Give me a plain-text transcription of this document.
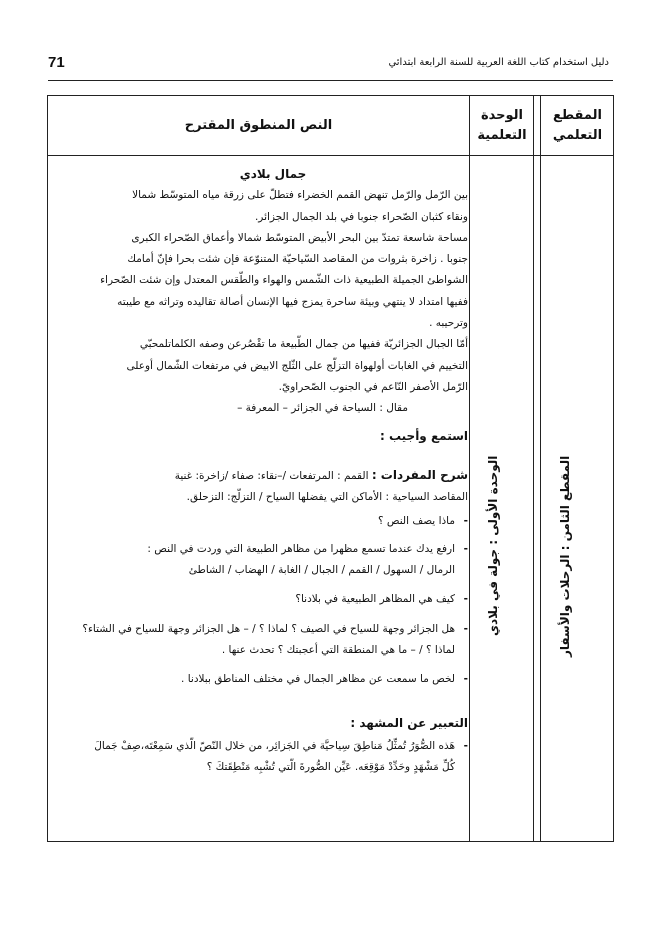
71	دليل استخدام كتاب اللغة العربية للسنة الرابعة ابتدائي
المقطع التعلمي
الوحدة التعلمية
النص المنطوق المقترح
المقطع الثامن : الرحلات والأسفار
الوحدة الأولى : جولة في بلادي

جمال بلادي

بين الرّمل والرّمل تنهض القمم الخضراء فتطلّ على زرقة مياه المتوسّط شمالا

ونقاء كثبان الصّحراء جنوبا في بلد الجمال الجزائر.

مساحة شاسعة تمتدّ بين البحر الأبيض المتوسّط شمالا وأعماق الصّحراء الكبرى

جنوبا . زاخرة بثروات من المقاصد السّياحيّة المتنوّعة فإن شئت بحرا فإنّ أمامك

الشواطئ الجميلة الطبيعية ذات الشّمس والهواء والطّقس المعتدل وإن شئت الصّحراء

ففيها امتداد لا ينتهي وبيئة ساحرة يمزج فيها الإنسان أصالة تقاليده وتراثه مع طيبته

وترحيبه .

أمّا الجبال الجزائريّة ففيها من جمال الطّبيعة ما تقْصُرعن وصفه الكلماتلمحبّي

التخييم في الغابات أولهواة التزلّج على الثّلج الابيض في مرتفعات الشّمال أوعلى

الرّمل الأصفر النّاعم في الجنوب الصّحراويّ.

مقال : السياحة في الجزائر – المعرفة –

استمع وأجيب :

شرح المفردات : القمم : المرتفعات /–نقاء: صفاء /زاخرة: غنية

المقاصد السياحية : الأماكن التي يفضلها السياح / التزلّج: التزحلق.

- ماذا يصف النص ؟
- ارفع يدك عندما تسمع مظهرا من مظاهر الطبيعة التي وردت في النص :
الرمال / السهول / القمم / الجبال / الغابة / الهضاب / الشاطئ
- كيف هي المظاهر الطبيعية في بلادنا؟
- هل الجزائر وجهة للسياح في الصيف ؟ لماذا ؟ / – هل الجزائر وجهة للسياح في الشتاء؟ لماذا ؟ / – ما هي المنطقة التي أعجبتك ؟ تحدث عنها .
- لخص ما سمعت عن مظاهر الجمال في مختلف المناطق ببلادنا .

التعبير عن المشهد :

- هَذه الصُّوَرُ تُمثِّلُ مَناطِقَ سِياحيَّة في الجَزائِر، من خلال النّصّ الّذي سَمِعْتَه،صِفْ جَمالَ كُلِّ مَشْهَدٍ وحَدِّدْ مَوْقِعَه. عَيِّن الصُّورةَ الّتي تُشْبِه مَنْطِقَتكَ ؟
